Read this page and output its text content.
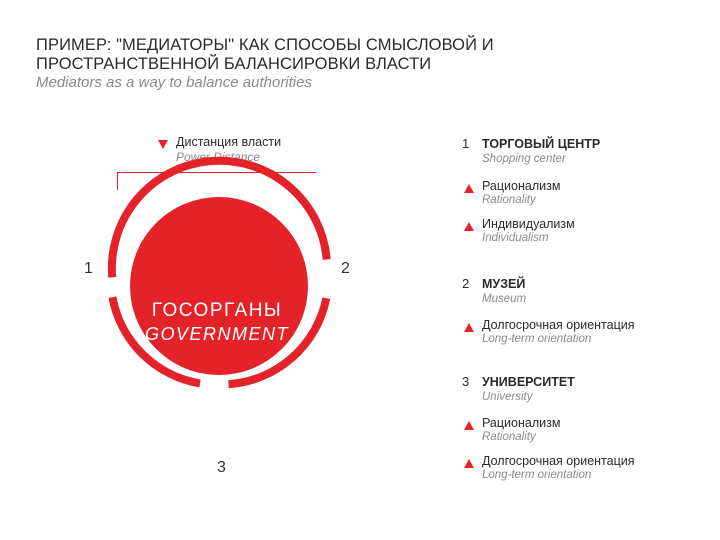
ПРИМЕР: "МЕДИАТОРЫ" КАК СПОСОБЫ СМЫСЛОВОЙ И
ПРОСТРАНСТВЕННОЙ БАЛАНСИРОВКИ ВЛАСТИ
Mediators as a way to balance authorities
Дистанция власти
Power Distance
1	2
3
ГОСОРГАНЫ
GOVERNMENT
1 ТОРГОВЫЙ ЦЕНТР
Shopping center
Рационализм
Rationality
Индивидуализм
Individualism
2 МУЗЕЙ
Museum
Долгосрочная ориентация
Long-term orientation
3 УНИВЕРСИТЕТ
University
Рационализм
Rationality
Долгосрочная ориентация
Long-term orientation
